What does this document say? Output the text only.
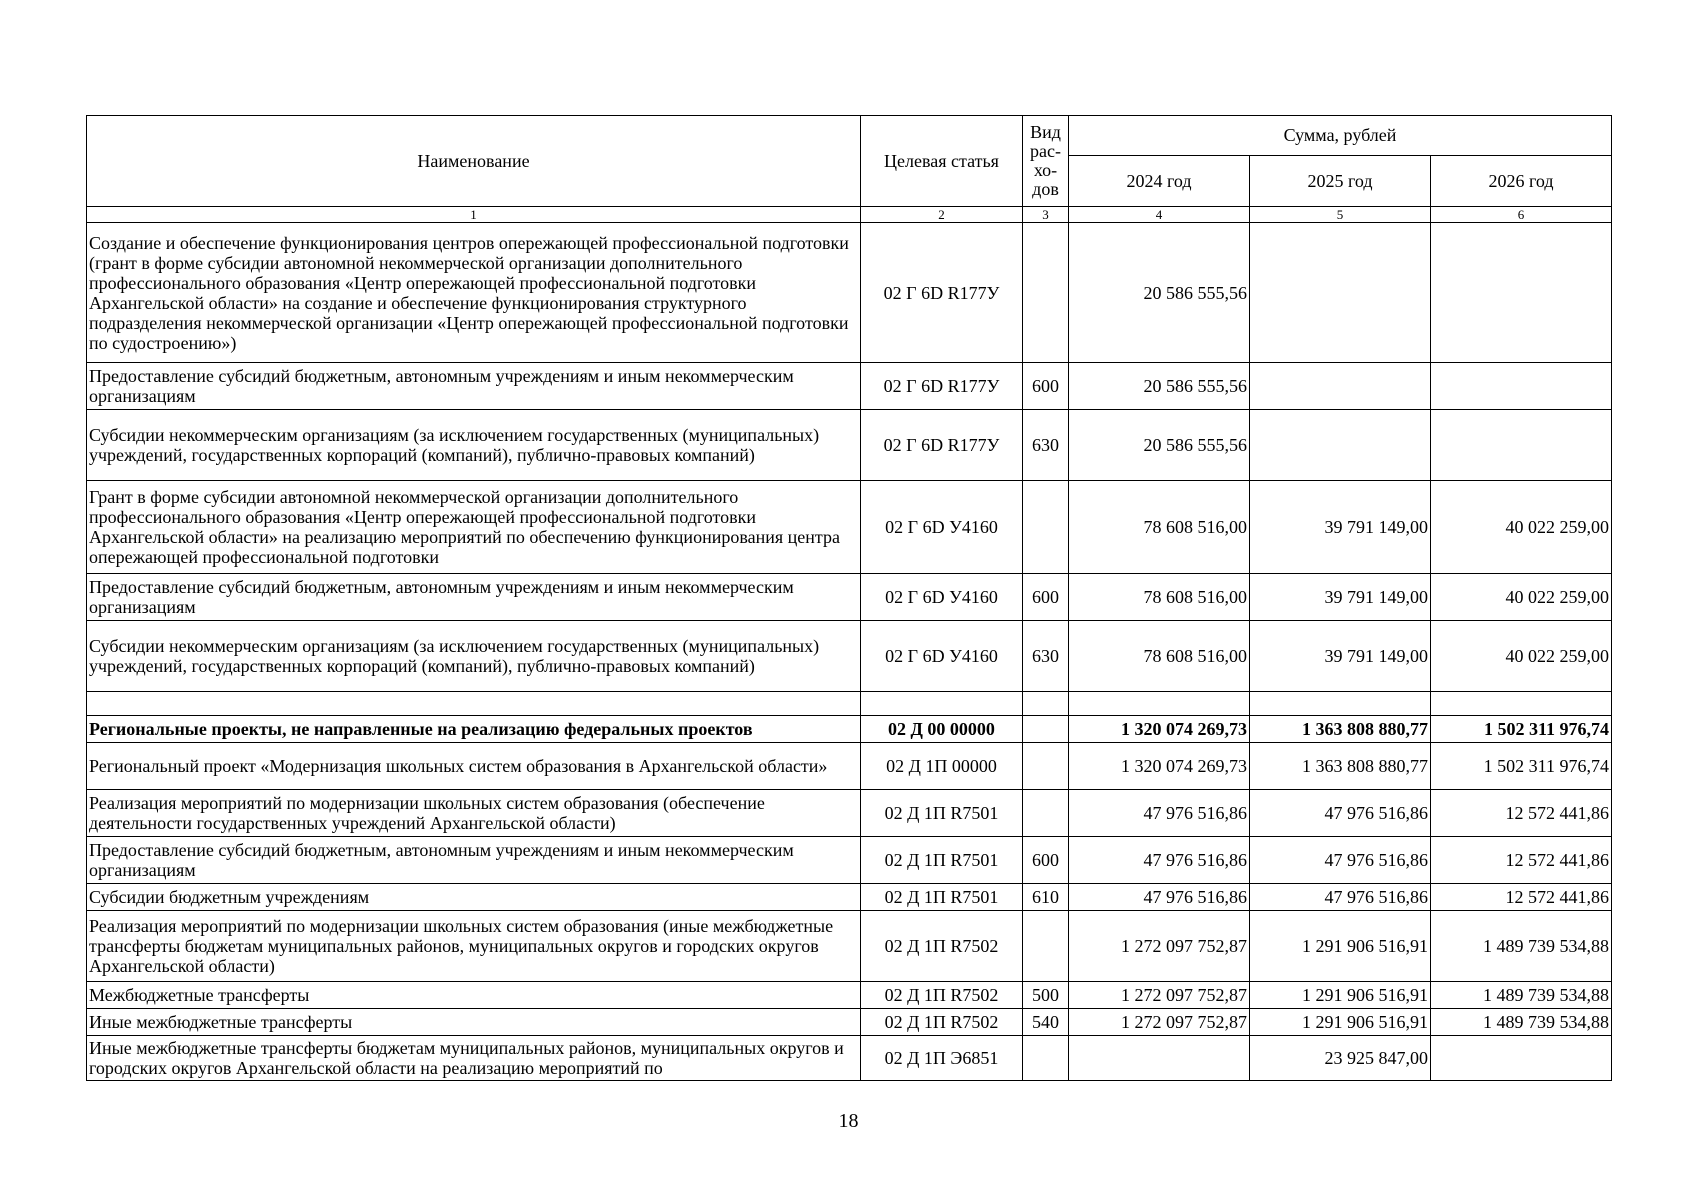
Наименование	Целевая статья	Вид
рас-
хо-
дов	Сумма, рублей		
			2024 год	2025 год	2026 год
1	2	3	4	5	6
Создание и обеспечение функционирования центров опережающей профессиональной подготовки (грант в форме субсидии автономной некоммерческой организации дополнительного профессионального образования «Центр опережающей профессиональной подготовки Архангельской области» на создание и обеспечение функционирования структурного подразделения некоммерческой организации «Центр опережающей профессиональной подготовки по судостроению»)	02 Г 6D R177У		20 586 555,56		
Предоставление субсидий бюджетным, автономным учреждениям и иным некоммерческим организациям	02 Г 6D R177У	600	20 586 555,56		
Субсидии некоммерческим организациям (за исключением государственных (муниципальных) учреждений, государственных корпораций (компаний), публично-правовых компаний)	02 Г 6D R177У	630	20 586 555,56		
Грант в форме субсидии автономной некоммерческой организации дополнительного профессионального образования «Центр опережающей профессиональной подготовки Архангельской области» на реализацию мероприятий по обеспечению функционирования центра опережающей профессиональной подготовки	02 Г 6D У4160		78 608 516,00	39 791 149,00	40 022 259,00
Предоставление субсидий бюджетным, автономным учреждениям и иным некоммерческим организациям	02 Г 6D У4160	600	78 608 516,00	39 791 149,00	40 022 259,00
Субсидии некоммерческим организациям (за исключением государственных (муниципальных) учреждений, государственных корпораций (компаний), публично-правовых компаний)	02 Г 6D У4160	630	78 608 516,00	39 791 149,00	40 022 259,00

Региональные проекты, не направленные на реализацию федеральных проектов	02 Д 00 00000		1 320 074 269,73	1 363 808 880,77	1 502 311 976,74
Региональный проект «Модернизация школьных систем образования в Архангельской области»	02 Д 1П 00000		1 320 074 269,73	1 363 808 880,77	1 502 311 976,74
Реализация мероприятий по модернизации школьных систем образования (обеспечение деятельности государственных учреждений Архангельской области)	02 Д 1П R7501		47 976 516,86	47 976 516,86	12 572 441,86
Предоставление субсидий бюджетным, автономным учреждениям и иным некоммерческим организациям	02 Д 1П R7501	600	47 976 516,86	47 976 516,86	12 572 441,86
Субсидии бюджетным учреждениям	02 Д 1П R7501	610	47 976 516,86	47 976 516,86	12 572 441,86
Реализация мероприятий по модернизации школьных систем образования (иные межбюджетные трансферты бюджетам муниципальных районов, муниципальных округов и городских округов Архангельской области)	02 Д 1П R7502		1 272 097 752,87	1 291 906 516,91	1 489 739 534,88
Межбюджетные трансферты	02 Д 1П R7502	500	1 272 097 752,87	1 291 906 516,91	1 489 739 534,88
Иные межбюджетные трансферты	02 Д 1П R7502	540	1 272 097 752,87	1 291 906 516,91	1 489 739 534,88
Иные межбюджетные трансферты бюджетам муниципальных районов, муниципальных округов и городских округов Архангельской области на реализацию мероприятий по	02 Д 1П Э6851			23 925 847,00	
18
